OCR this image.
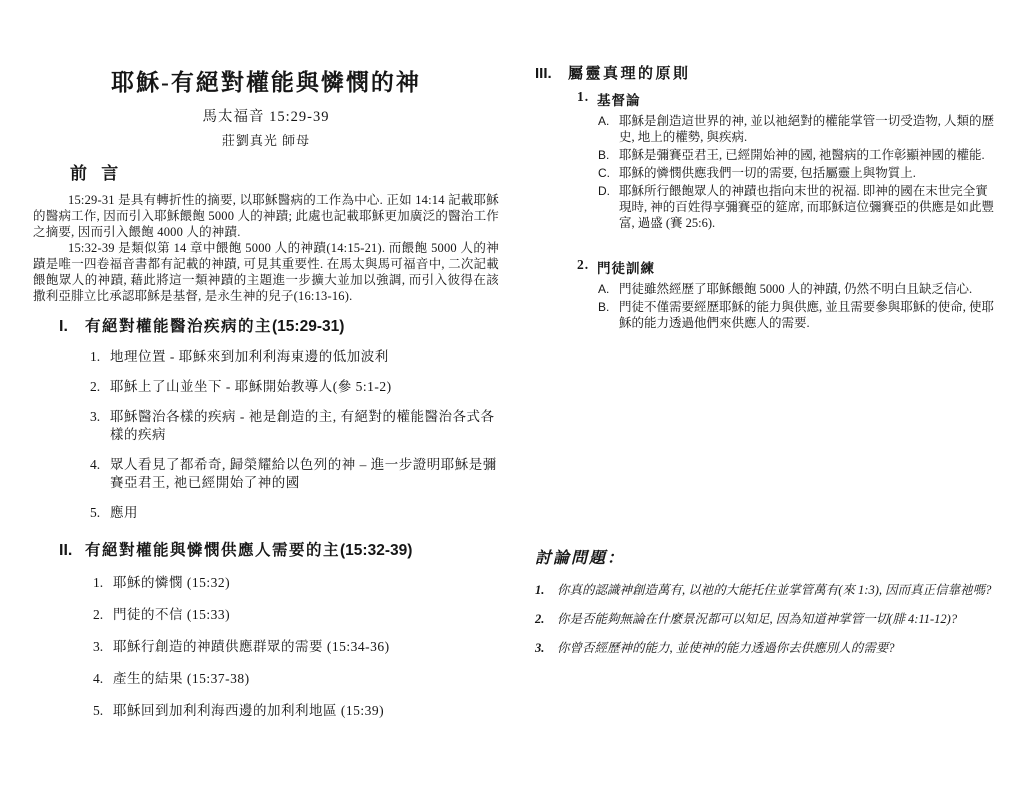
耶穌-有絕對權能與憐憫的神
馬太福音 15:29-39
莊劉真光 師母
前 言

15:29-31 是具有轉折性的摘要, 以耶穌醫病的工作為中心. 正如 14:14 記載耶穌的醫病工作, 因而引入耶穌餵飽 5000 人的神蹟; 此處也記載耶穌更加廣泛的醫治工作之摘要, 因而引入餵飽 4000 人的神蹟.

15:32-39 是類似第 14 章中餵飽 5000 人的神蹟(14:15-21). 而餵飽 5000 人的神蹟是唯一四卷福音書都有記載的神蹟, 可見其重要性. 在馬太與馬可福音中, 二次記載餵飽眾人的神蹟, 藉此將這一類神蹟的主題進一步擴大並加以強調, 而引入彼得在該撒利亞腓立比承認耶穌是基督, 是永生神的兒子(16:13-16).

I.	有絕對權能醫治疾病的主(15:29-31)
1. 地理位置 - 耶穌來到加利利海東邊的低加波利
2. 耶穌上了山並坐下 - 耶穌開始教導人(參 5:1-2)
3. 耶穌醫治各樣的疾病 - 祂是創造的主, 有絕對的權能醫治各式各樣的疾病
4. 眾人看見了都希奇, 歸榮耀給以色列的神 – 進一步證明耶穌是彌賽亞君王, 祂已經開始了神的國
5. 應用
II. 有絕對權能與憐憫供應人需要的主(15:32-39)
1. 耶穌的憐憫 (15:32)
2. 門徒的不信 (15:33)
3. 耶穌行創造的神蹟供應群眾的需要 (15:34-36)
4. 產生的結果 (15:37-38)
5. 耶穌回到加利利海西邊的加利利地區 (15:39)
III.	屬靈真理的原則
1. 基督論
A. 耶穌是創造這世界的神, 並以祂絕對的權能掌管一切受造物, 人類的歷史, 地上的權勢, 與疾病.
B. 耶穌是彌賽亞君王, 已經開始神的國, 祂醫病的工作彰顯神國的權能.
C. 耶穌的憐憫供應我們一切的需要, 包括屬靈上與物質上.
D. 耶穌所行餵飽眾人的神蹟也指向末世的祝福. 即神的國在末世完全實現時, 神的百姓得享彌賽亞的筵席, 而耶穌這位彌賽亞的供應是如此豐富, 過盛 (賽 25:6).
2. 門徒訓練
A. 門徒雖然經歷了耶穌餵飽 5000 人的神蹟, 仍然不明白且缺乏信心.
B. 門徒不僅需要經歷耶穌的能力與供應, 並且需要參與耶穌的使命, 使耶穌的能力透過他們來供應人的需要.
討論問題：
1.	你真的認識神創造萬有, 以祂的大能托住並掌管萬有(來 1:3), 因而真正信靠祂嗎?
2.	你是否能夠無論在什麼景況都可以知足, 因為知道神掌管一切(腓 4:11-12)?
3.	你曾否經歷神的能力, 並使神的能力透過你去供應別人的需要?
